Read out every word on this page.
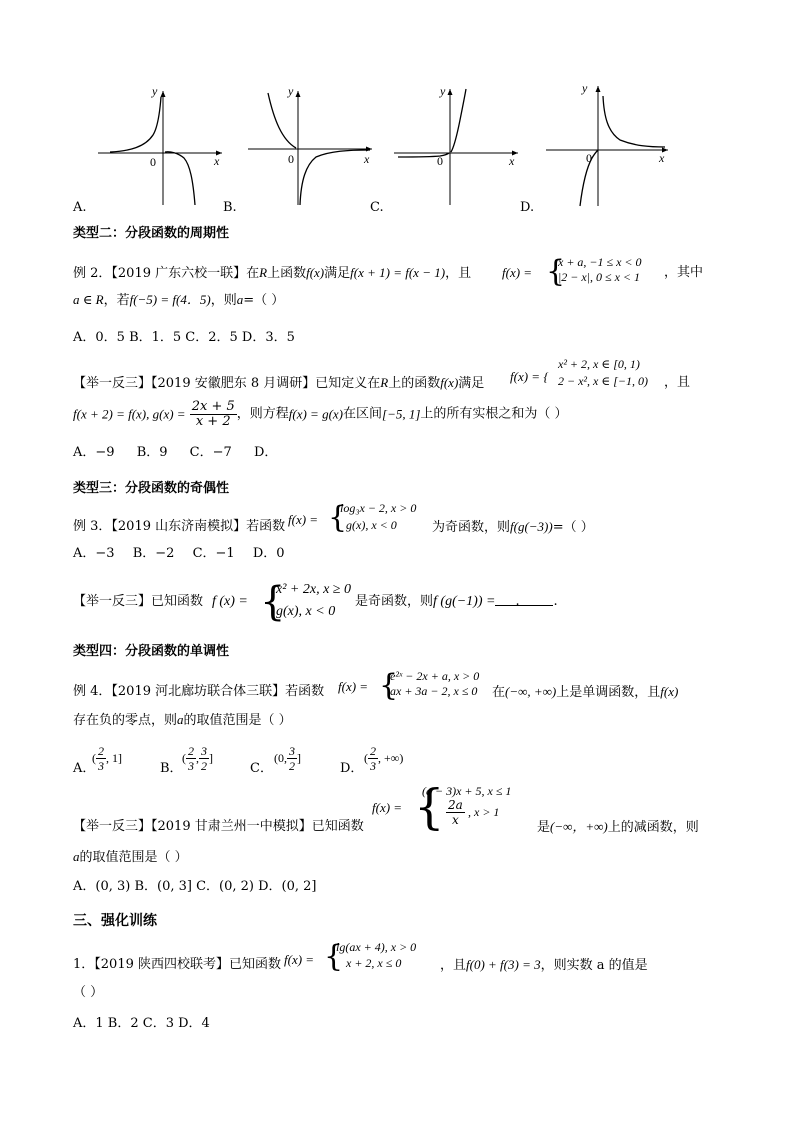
y
x
0
y
x
0
y
x
0
y
x
0
A.	B.	C.	D.
类型二：分段函数的周期性
例 2．【2019 广东六校一联】在R上函数f(x)满足f(x + 1) = f(x − 1)，且 f(x) = {
x + a, −1 ≤ x < 0
|2 − x|, 0 ≤ x < 1 ，其中
a ∈ R，若f(−5) = f(4．5)，则a=（ ）
A．0．5 B．1．5 C．2．5 D．3．5
【举一反三】【2019 安徽肥东 8 月调研】已知定义在R上的函数f(x)满足 f(x) = {
x² + 2, x ∈ [0, 1)
2 − x², x ∈ [−1, 0) ，且
f(x + 2) = f(x), $g(x) = \frac{2x + 5}{x + 2}$ ，则方程f(x) = g(x)在区间[−5, 1]上的所有实根之和为（ ）
A．−9 B．9 C．−7 D．
类型三：分段函数的奇偶性
例 3．【2019 山东济南模拟】若函数 f(x) = {
log₃x − 2, x > 0
g(x), x < 0	为奇函数，则f(g(−3))=（ ）
A．−3 B．−2 C．−1 D．0
【举一反三】已知函数 f (x) = {
x² + 2x, x ≥ 0
g(x), x < 0
是奇函数，则f (g(−1)) = .	.
类型四：分段函数的单调性
例 4．【2019 河北廊坊联合体三联】若函数 f(x) = {
e²ˣ − 2x + a, x > 0
ax + 3a − 2, x ≤ 0 在(−∞, +∞)上是单调函数，且f(x)
存在负的零点，则a的取值范围是（ ）
A．
( $\frac{2}{3}$ , 1]
B．
( $\frac{2}{3}$ , $\frac{3}{2}$ ]
C．
(0, $\frac{3}{2}$ ]
D．
( $\frac{2}{3}$ , +∞)
f(x) = {
(a − 3)x + 5, x ≤ 1
$\frac{2a}{x}$ , x > 1
【举一反三】【2019 甘肃兰州一中模拟】已知函数	是(−∞，+∞)上的减函数，则
a的取值范围是（ ）
A．(0, 3) B．(0, 3] C．(0, 2) D．(0, 2]
三、强化训练
1．【2019 陕西四校联考】已知函数 f(x) = {
lg(ax + 4), x > 0
x + 2, x ≤ 0	，且f(0) + f(3) = 3，则实数 a 的值是
（ ）
A．1 B．2 C．3 D．4
